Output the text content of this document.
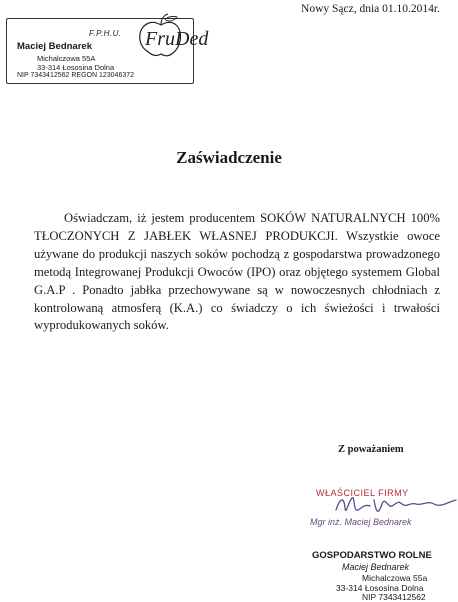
Nowy Sącz, dnia 01.10.2014r.
F.P.H.U.
Maciej Bednarek
Michalczowa 55A
33-314 Łososina Dolna
NIP 7343412562 REGON 123046372
FruDed
Zaświadczenie

Oświadczam, iż jestem producentem SOKÓW NATURALNYCH 100% TŁOCZONYCH Z JABŁEK WŁASNEJ PRODUKCJI. Wszystkie owoce używane do produkcji naszych soków pochodzą z gospodarstwa prowadzonego metodą Integrowanej Produkcji Owoców (IPO) oraz objętego systemem Global G.A.P . Ponadto jabłka przechowywane są w nowoczesnych chłodniach z kontrolowaną atmosferą (K.A.) co świadczy o ich świeżości i trwałości wyprodukowanych soków.

Z poważaniem
WŁAŚCICIEL FIRMY
Mgr inż. Maciej Bednarek
GOSPODARSTWO ROLNE
Maciej Bednarek
Michalczowa 55a
33-314 Łososina Dolna
NIP 7343412562
